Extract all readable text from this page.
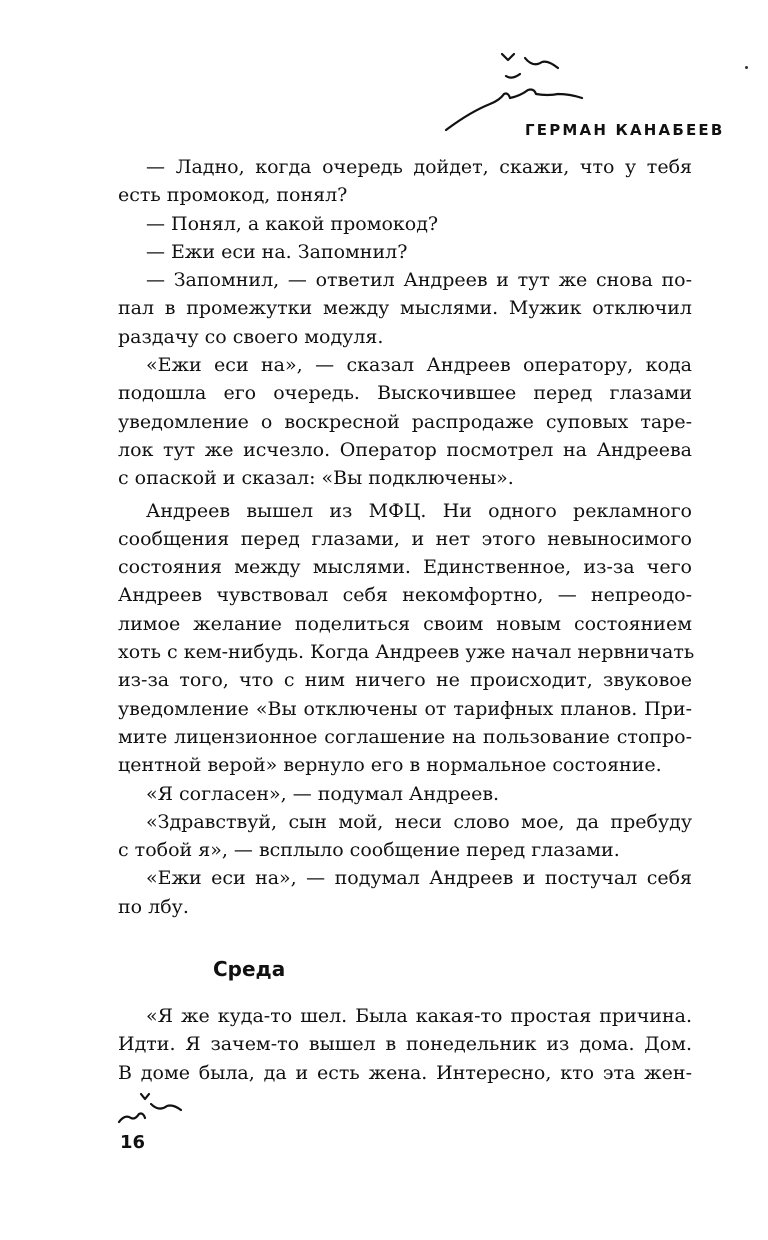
ГЕРМАН КАНАБЕЕВ
— Ладно, когда очередь дойдет, скажи, что у тебя
есть промокод, понял?
— Понял, а какой промокод?
— Ежи еси на. Запомнил?
— Запомнил, — ответил Андреев и тут же снова по-
пал в промежутки между мыслями. Мужик отключил
раздачу со своего модуля.
«Ежи еси на», — сказал Андреев оператору, кода
подошла его очередь. Выскочившее перед глазами
уведомление о воскресной распродаже суповых таре-
лок тут же исчезло. Оператор посмотрел на Андреева
с опаской и сказал: «Вы подключены».
Андреев вышел из МФЦ. Ни одного рекламного
сообщения перед глазами, и нет этого невыносимого
состояния между мыслями. Единственное, из-за чего
Андреев чувствовал себя некомфортно, — непреодо-
лимое желание поделиться своим новым состоянием
хоть с кем-нибудь. Когда Андреев уже начал нервничать
из-за того, что с ним ничего не происходит, звуковое
уведомление «Вы отключены от тарифных планов. При-
мите лицензионное соглашение на пользование стопро-
центной верой» вернуло его в нормальное состояние.
«Я согласен», — подумал Андреев.
«Здравствуй, сын мой, неси слово мое, да пребуду
с тобой я», — всплыло сообщение перед глазами.
«Ежи еси на», — подумал Андреев и постучал себя
по лбу.
Среда
«Я же куда-то шел. Была какая-то простая причина.
Идти. Я зачем-то вышел в понедельник из дома. Дом.
В доме была, да и есть жена. Интересно, кто эта жен-
16
